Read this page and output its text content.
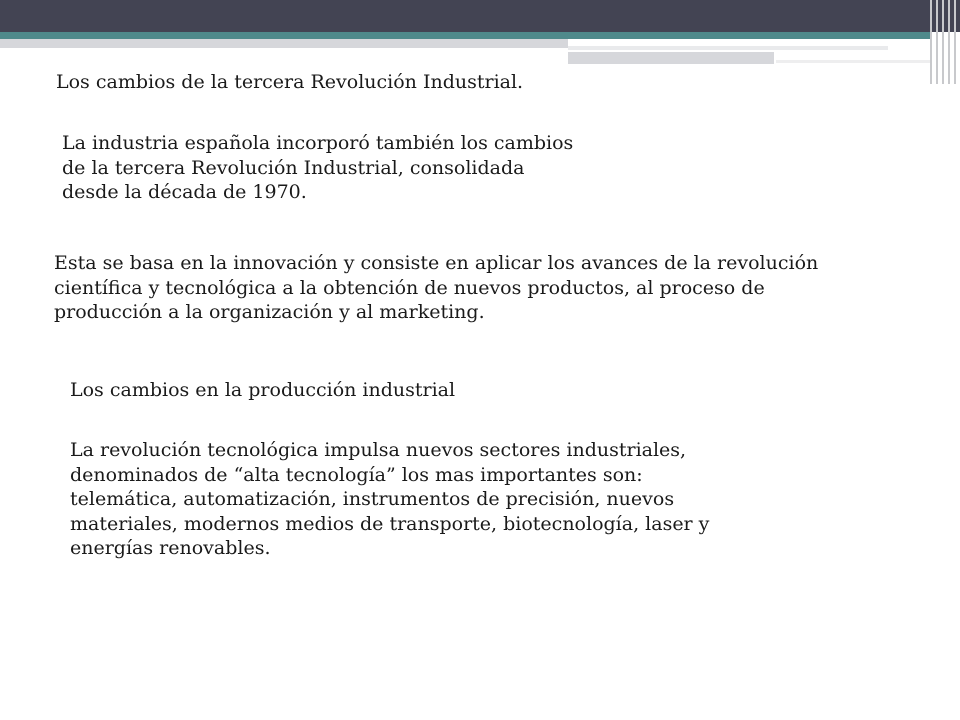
Los cambios de la tercera Revolución Industrial.
La industria española incorporó también los cambios
de la tercera Revolución Industrial, consolidada
desde la década de 1970.
Esta se basa en la innovación y consiste en aplicar los avances de la revolución
científica y tecnológica a la obtención de nuevos productos, al proceso de
producción a la organización y al marketing.
Los cambios en la producción industrial
La revolución tecnológica impulsa nuevos sectores industriales,
denominados de “alta tecnología” los mas importantes son:
telemática, automatización, instrumentos de precisión, nuevos
materiales, modernos medios de transporte, biotecnología, laser y
energías renovables.
